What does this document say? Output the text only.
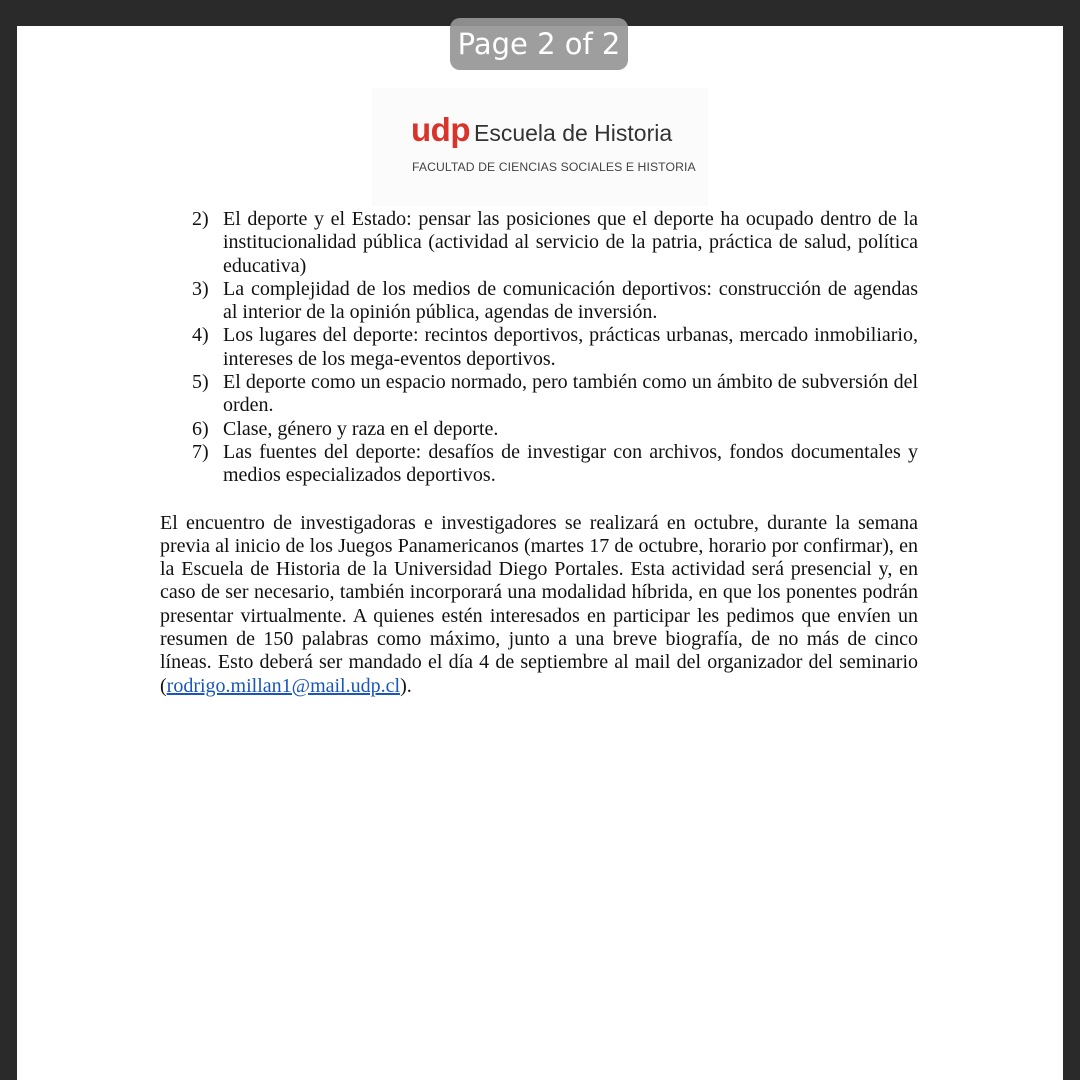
Page 2 of 2
udp Escuela de Historia
FACULTAD DE CIENCIAS SOCIALES E HISTORIA
2) El deporte y el Estado: pensar las posiciones que el deporte ha ocupado dentro de la institucionalidad pública (actividad al servicio de la patria, práctica de salud, política educativa)
3) La complejidad de los medios de comunicación deportivos: construcción de agendas al interior de la opinión pública, agendas de inversión.
4) Los lugares del deporte: recintos deportivos, prácticas urbanas, mercado inmobiliario, intereses de los mega-eventos deportivos.
5) El deporte como un espacio normado, pero también como un ámbito de subversión del orden.
6) Clase, género y raza en el deporte.
7) Las fuentes del deporte: desafíos de investigar con archivos, fondos documentales y medios especializados deportivos.

El encuentro de investigadoras e investigadores se realizará en octubre, durante la semana previa al inicio de los Juegos Panamericanos (martes 17 de octubre, horario por confirmar), en la Escuela de Historia de la Universidad Diego Portales. Esta actividad será presencial y, en caso de ser necesario, también incorporará una modalidad híbrida, en que los ponentes podrán presentar virtualmente. A quienes estén interesados en participar les pedimos que envíen un resumen de 150 palabras como máximo, junto a una breve biografía, de no más de cinco líneas. Esto deberá ser mandado el día 4 de septiembre al mail del organizador del seminario (rodrigo.millan1@mail.udp.cl).
